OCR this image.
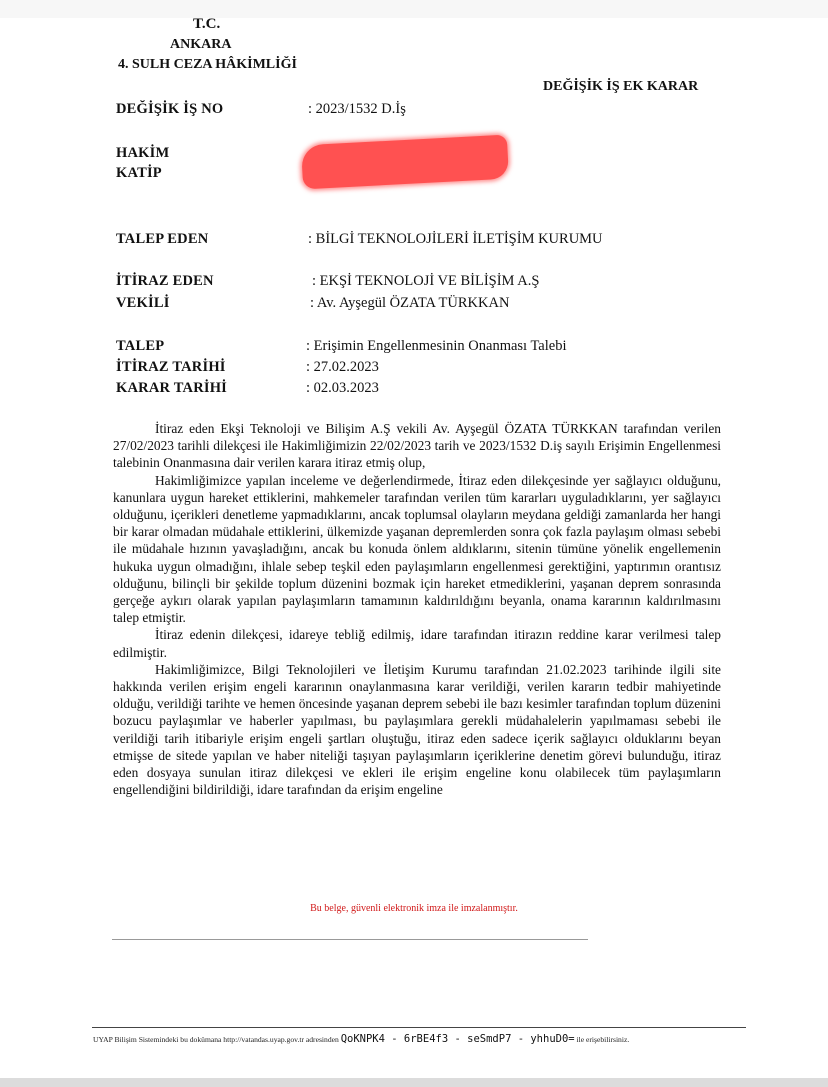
T.C.
ANKARA
4. SULH CEZA HÂKİMLİĞİ
DEĞİŞİK İŞ EK KARAR
DEĞİŞİK İŞ NO	: 2023/1532 D.İş
HAKİM
KATİP
TALEP EDEN	: BİLGİ TEKNOLOJİLERİ İLETİŞİM KURUMU
İTİRAZ EDEN	: EKŞİ TEKNOLOJİ VE BİLİŞİM A.Ş
VEKİLİ	: Av. Ayşegül ÖZATA TÜRKKAN
TALEP	: Erişimin Engellenmesinin Onanması Talebi
İTİRAZ TARİHİ	: 27.02.2023
KARAR TARİHİ	: 02.03.2023

İtiraz eden Ekşi Teknoloji ve Bilişim A.Ş vekili Av. Ayşegül ÖZATA TÜRKKAN tarafından verilen 27/02/2023 tarihli dilekçesi ile Hakimliğimizin 22/02/2023 tarih ve 2023/1532 D.iş sayılı Erişimin Engellenmesi talebinin Onanmasına dair verilen karara itiraz etmiş olup,

Hakimliğimizce yapılan inceleme ve değerlendirmede, İtiraz eden dilekçesinde yer sağlayıcı olduğunu, kanunlara uygun hareket ettiklerini, mahkemeler tarafından verilen tüm kararları uyguladıklarını, yer sağlayıcı olduğunu, içerikleri denetleme yapmadıklarını, ancak toplumsal olayların meydana geldiği zamanlarda her hangi bir karar olmadan müdahale ettiklerini, ülkemizde yaşanan depremlerden sonra çok fazla paylaşım olması sebebi ile müdahale hızının yavaşladığını, ancak bu konuda önlem aldıklarını, sitenin tümüne yönelik engellemenin hukuka uygun olmadığını, ihlale sebep teşkil eden paylaşımların engellenmesi gerektiğini, yaptırımın orantısız olduğunu, bilinçli bir şekilde toplum düzenini bozmak için hareket etmediklerini, yaşanan deprem sonrasında gerçeğe aykırı olarak yapılan paylaşımların tamamının kaldırıldığını beyanla, onama kararının kaldırılmasını talep etmiştir.

İtiraz edenin dilekçesi, idareye tebliğ edilmiş, idare tarafından itirazın reddine karar verilmesi talep edilmiştir.

Hakimliğimizce, Bilgi Teknolojileri ve İletişim Kurumu tarafından 21.02.2023 tarihinde ilgili site hakkında verilen erişim engeli kararının onaylanmasına karar verildiği, verilen kararın tedbir mahiyetinde olduğu, verildiği tarihte ve hemen öncesinde yaşanan deprem sebebi ile bazı kesimler tarafından toplum düzenini bozucu paylaşımlar ve haberler yapılması, bu paylaşımlara gerekli müdahalelerin yapılmaması sebebi ile verildiği tarih itibariyle erişim engeli şartları oluştuğu, itiraz eden sadece içerik sağlayıcı olduklarını beyan etmişse de sitede yapılan ve haber niteliği taşıyan paylaşımların içeriklerine denetim görevi bulunduğu, itiraz eden dosyaya sunulan itiraz dilekçesi ve ekleri ile erişim engeline konu olabilecek tüm paylaşımların engellendiğini bildirildiği, idare tarafından da erişim engeline

Bu belge, güvenli elektronik imza ile imzalanmıştır.
UYAP Bilişim Sistemindeki bu dokümana http://vatandas.uyap.gov.tr adresinden QoKNPK4 - 6rBE4f3 - seSmdP7 - yhhuD0= ile erişebilirsiniz.
